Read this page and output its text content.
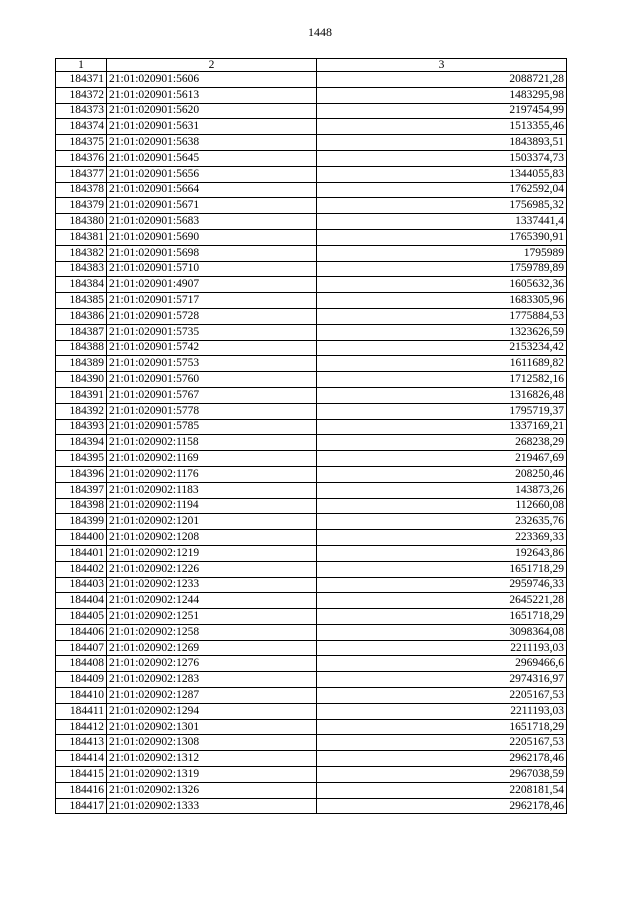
1448
1	2	3
184371	21:01:020901:5606	2088721,28
184372	21:01:020901:5613	1483295,98
184373	21:01:020901:5620	2197454,99
184374	21:01:020901:5631	1513355,46
184375	21:01:020901:5638	1843893,51
184376	21:01:020901:5645	1503374,73
184377	21:01:020901:5656	1344055,83
184378	21:01:020901:5664	1762592,04
184379	21:01:020901:5671	1756985,32
184380	21:01:020901:5683	1337441,4
184381	21:01:020901:5690	1765390,91
184382	21:01:020901:5698	1795989
184383	21:01:020901:5710	1759789,89
184384	21:01:020901:4907	1605632,36
184385	21:01:020901:5717	1683305,96
184386	21:01:020901:5728	1775884,53
184387	21:01:020901:5735	1323626,59
184388	21:01:020901:5742	2153234,42
184389	21:01:020901:5753	1611689,82
184390	21:01:020901:5760	1712582,16
184391	21:01:020901:5767	1316826,48
184392	21:01:020901:5778	1795719,37
184393	21:01:020901:5785	1337169,21
184394	21:01:020902:1158	268238,29
184395	21:01:020902:1169	219467,69
184396	21:01:020902:1176	208250,46
184397	21:01:020902:1183	143873,26
184398	21:01:020902:1194	112660,08
184399	21:01:020902:1201	232635,76
184400	21:01:020902:1208	223369,33
184401	21:01:020902:1219	192643,86
184402	21:01:020902:1226	1651718,29
184403	21:01:020902:1233	2959746,33
184404	21:01:020902:1244	2645221,28
184405	21:01:020902:1251	1651718,29
184406	21:01:020902:1258	3098364,08
184407	21:01:020902:1269	2211193,03
184408	21:01:020902:1276	2969466,6
184409	21:01:020902:1283	2974316,97
184410	21:01:020902:1287	2205167,53
184411	21:01:020902:1294	2211193,03
184412	21:01:020902:1301	1651718,29
184413	21:01:020902:1308	2205167,53
184414	21:01:020902:1312	2962178,46
184415	21:01:020902:1319	2967038,59
184416	21:01:020902:1326	2208181,54
184417	21:01:020902:1333	2962178,46
